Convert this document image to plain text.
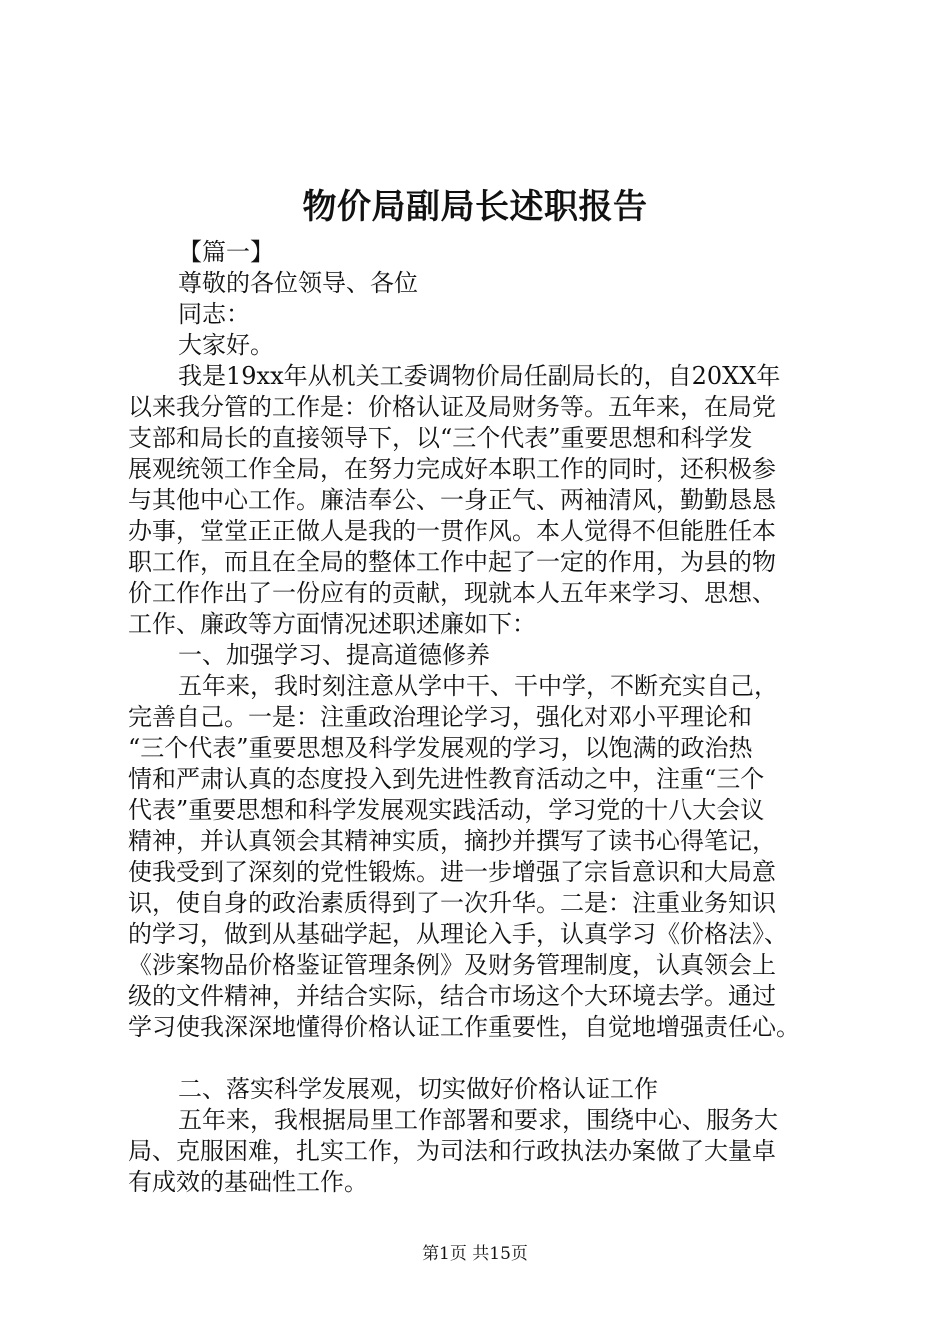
物价局副局长述职报告
【篇一】
尊敬的各位领导、各位
同志：
大家好。
我是19xx年从机关工委调物价局任副局长的，自20XX年
以来我分管的工作是：价格认证及局财务等。五年来，在局党
支部和局长的直接领导下，以“三个代表”重要思想和科学发
展观统领工作全局，在努力完成好本职工作的同时，还积极参
与其他中心工作。廉洁奉公、一身正气、两袖清风，勤勤恳恳
办事，堂堂正正做人是我的一贯作风。本人觉得不但能胜任本
职工作，而且在全局的整体工作中起了一定的作用，为县的物
价工作作出了一份应有的贡献，现就本人五年来学习、思想、
工作、廉政等方面情况述职述廉如下：
一、加强学习、提高道德修养
五年来，我时刻注意从学中干、干中学，不断充实自己，
完善自己。一是：注重政治理论学习，强化对邓小平理论和
“三个代表”重要思想及科学发展观的学习，以饱满的政治热
情和严肃认真的态度投入到先进性教育活动之中，注重“三个
代表”重要思想和科学发展观实践活动，学习党的十八大会议
精神，并认真领会其精神实质，摘抄并撰写了读书心得笔记，
使我受到了深刻的党性锻炼。进一步增强了宗旨意识和大局意
识，使自身的政治素质得到了一次升华。二是：注重业务知识
的学习，做到从基础学起，从理论入手，认真学习《价格法》、
《涉案物品价格鉴证管理条例》及财务管理制度，认真领会上
级的文件精神，并结合实际，结合市场这个大环境去学。通过
学习使我深深地懂得价格认证工作重要性，自觉地增强责任心。
二、落实科学发展观，切实做好价格认证工作
五年来，我根据局里工作部署和要求，围绕中心、服务大
局、克服困难，扎实工作，为司法和行政执法办案做了大量卓
有成效的基础性工作。
第1页 共15页
